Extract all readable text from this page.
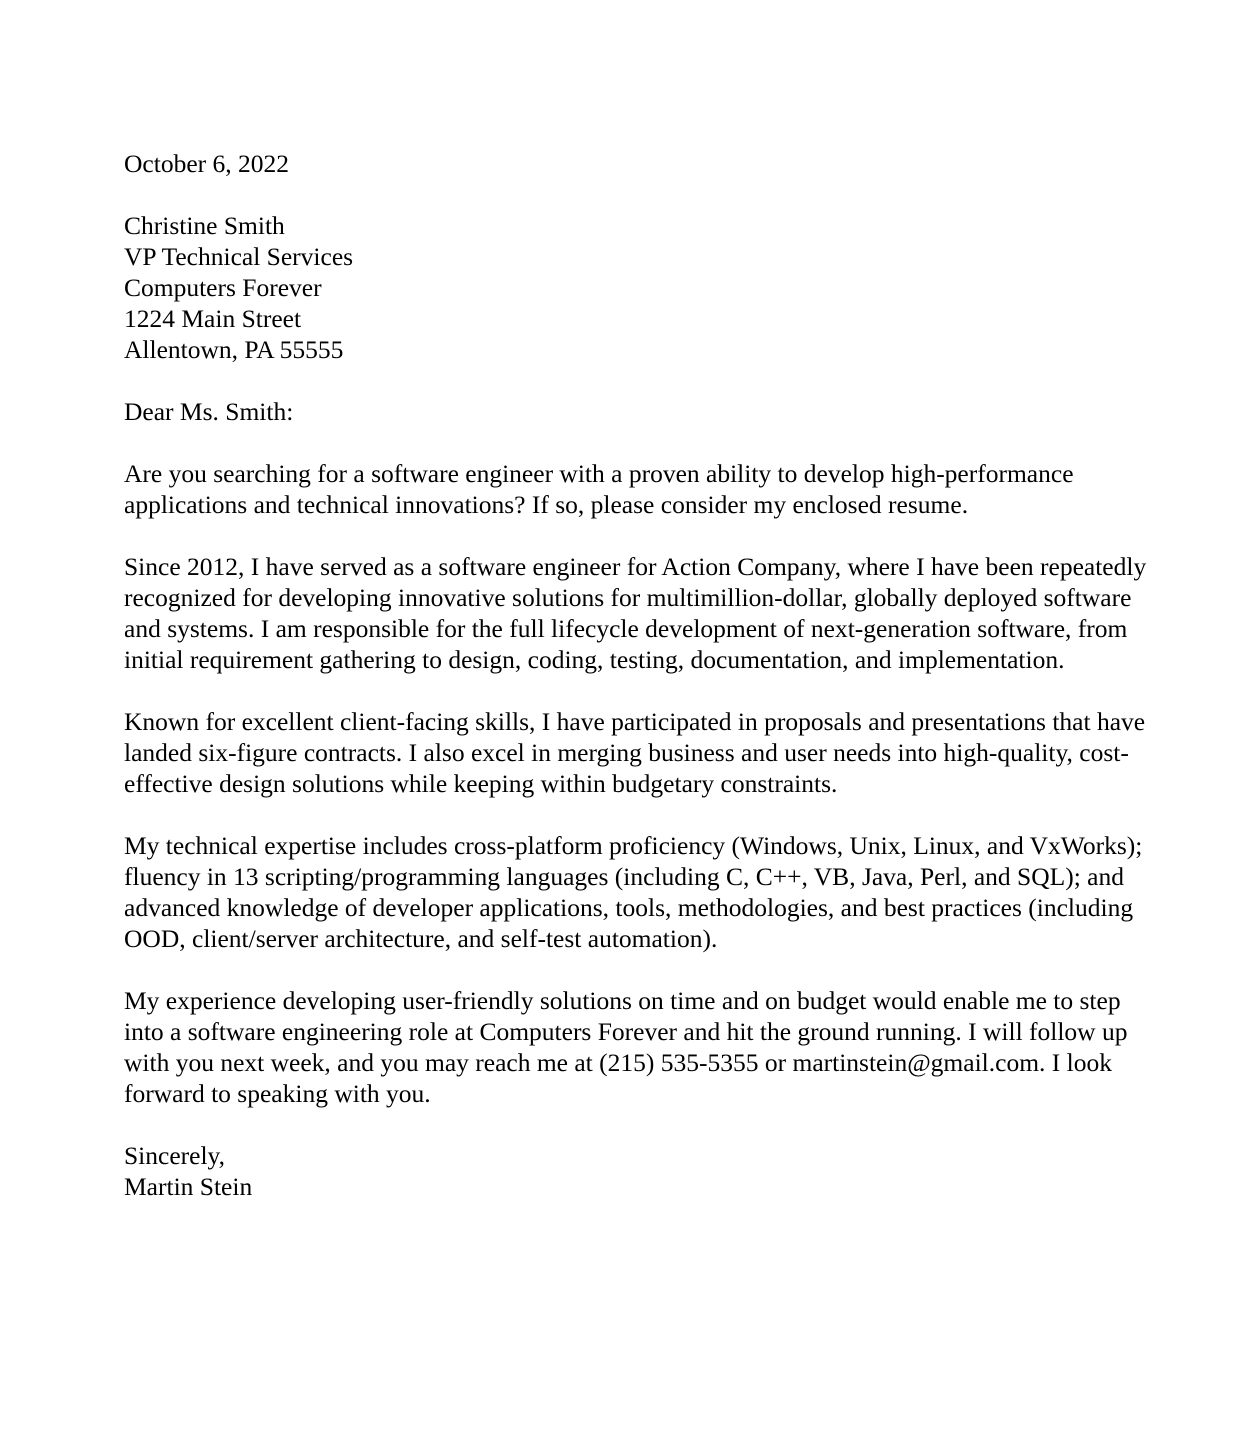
October 6, 2022
Christine Smith
VP Technical Services
Computers Forever
1224 Main Street
Allentown, PA 55555
Dear Ms. Smith:

Are you searching for a software engineer with a proven ability to develop high-performance applications and technical innovations? If so, please consider my enclosed resume.

Since 2012, I have served as a software engineer for Action Company, where I have been repeatedly recognized for developing innovative solutions for multimillion-dollar, globally deployed software and systems. I am responsible for the full lifecycle development of next-generation software, from initial requirement gathering to design, coding, testing, documentation, and implementation.

Known for excellent client-facing skills, I have participated in proposals and presentations that have landed six-figure contracts. I also excel in merging business and user needs into high-quality, cost-effective design solutions while keeping within budgetary constraints.

My technical expertise includes cross-platform proficiency (Windows, Unix, Linux, and VxWorks); fluency in 13 scripting/programming languages (including C, C++, VB, Java, Perl, and SQL); and advanced knowledge of developer applications, tools, methodologies, and best practices (including OOD, client/server architecture, and self-test automation).

My experience developing user-friendly solutions on time and on budget would enable me to step into a software engineering role at Computers Forever and hit the ground running. I will follow up with you next week, and you may reach me at (215) 535-5355 or martinstein@gmail.com. I look forward to speaking with you.

Sincerely,
Martin Stein
